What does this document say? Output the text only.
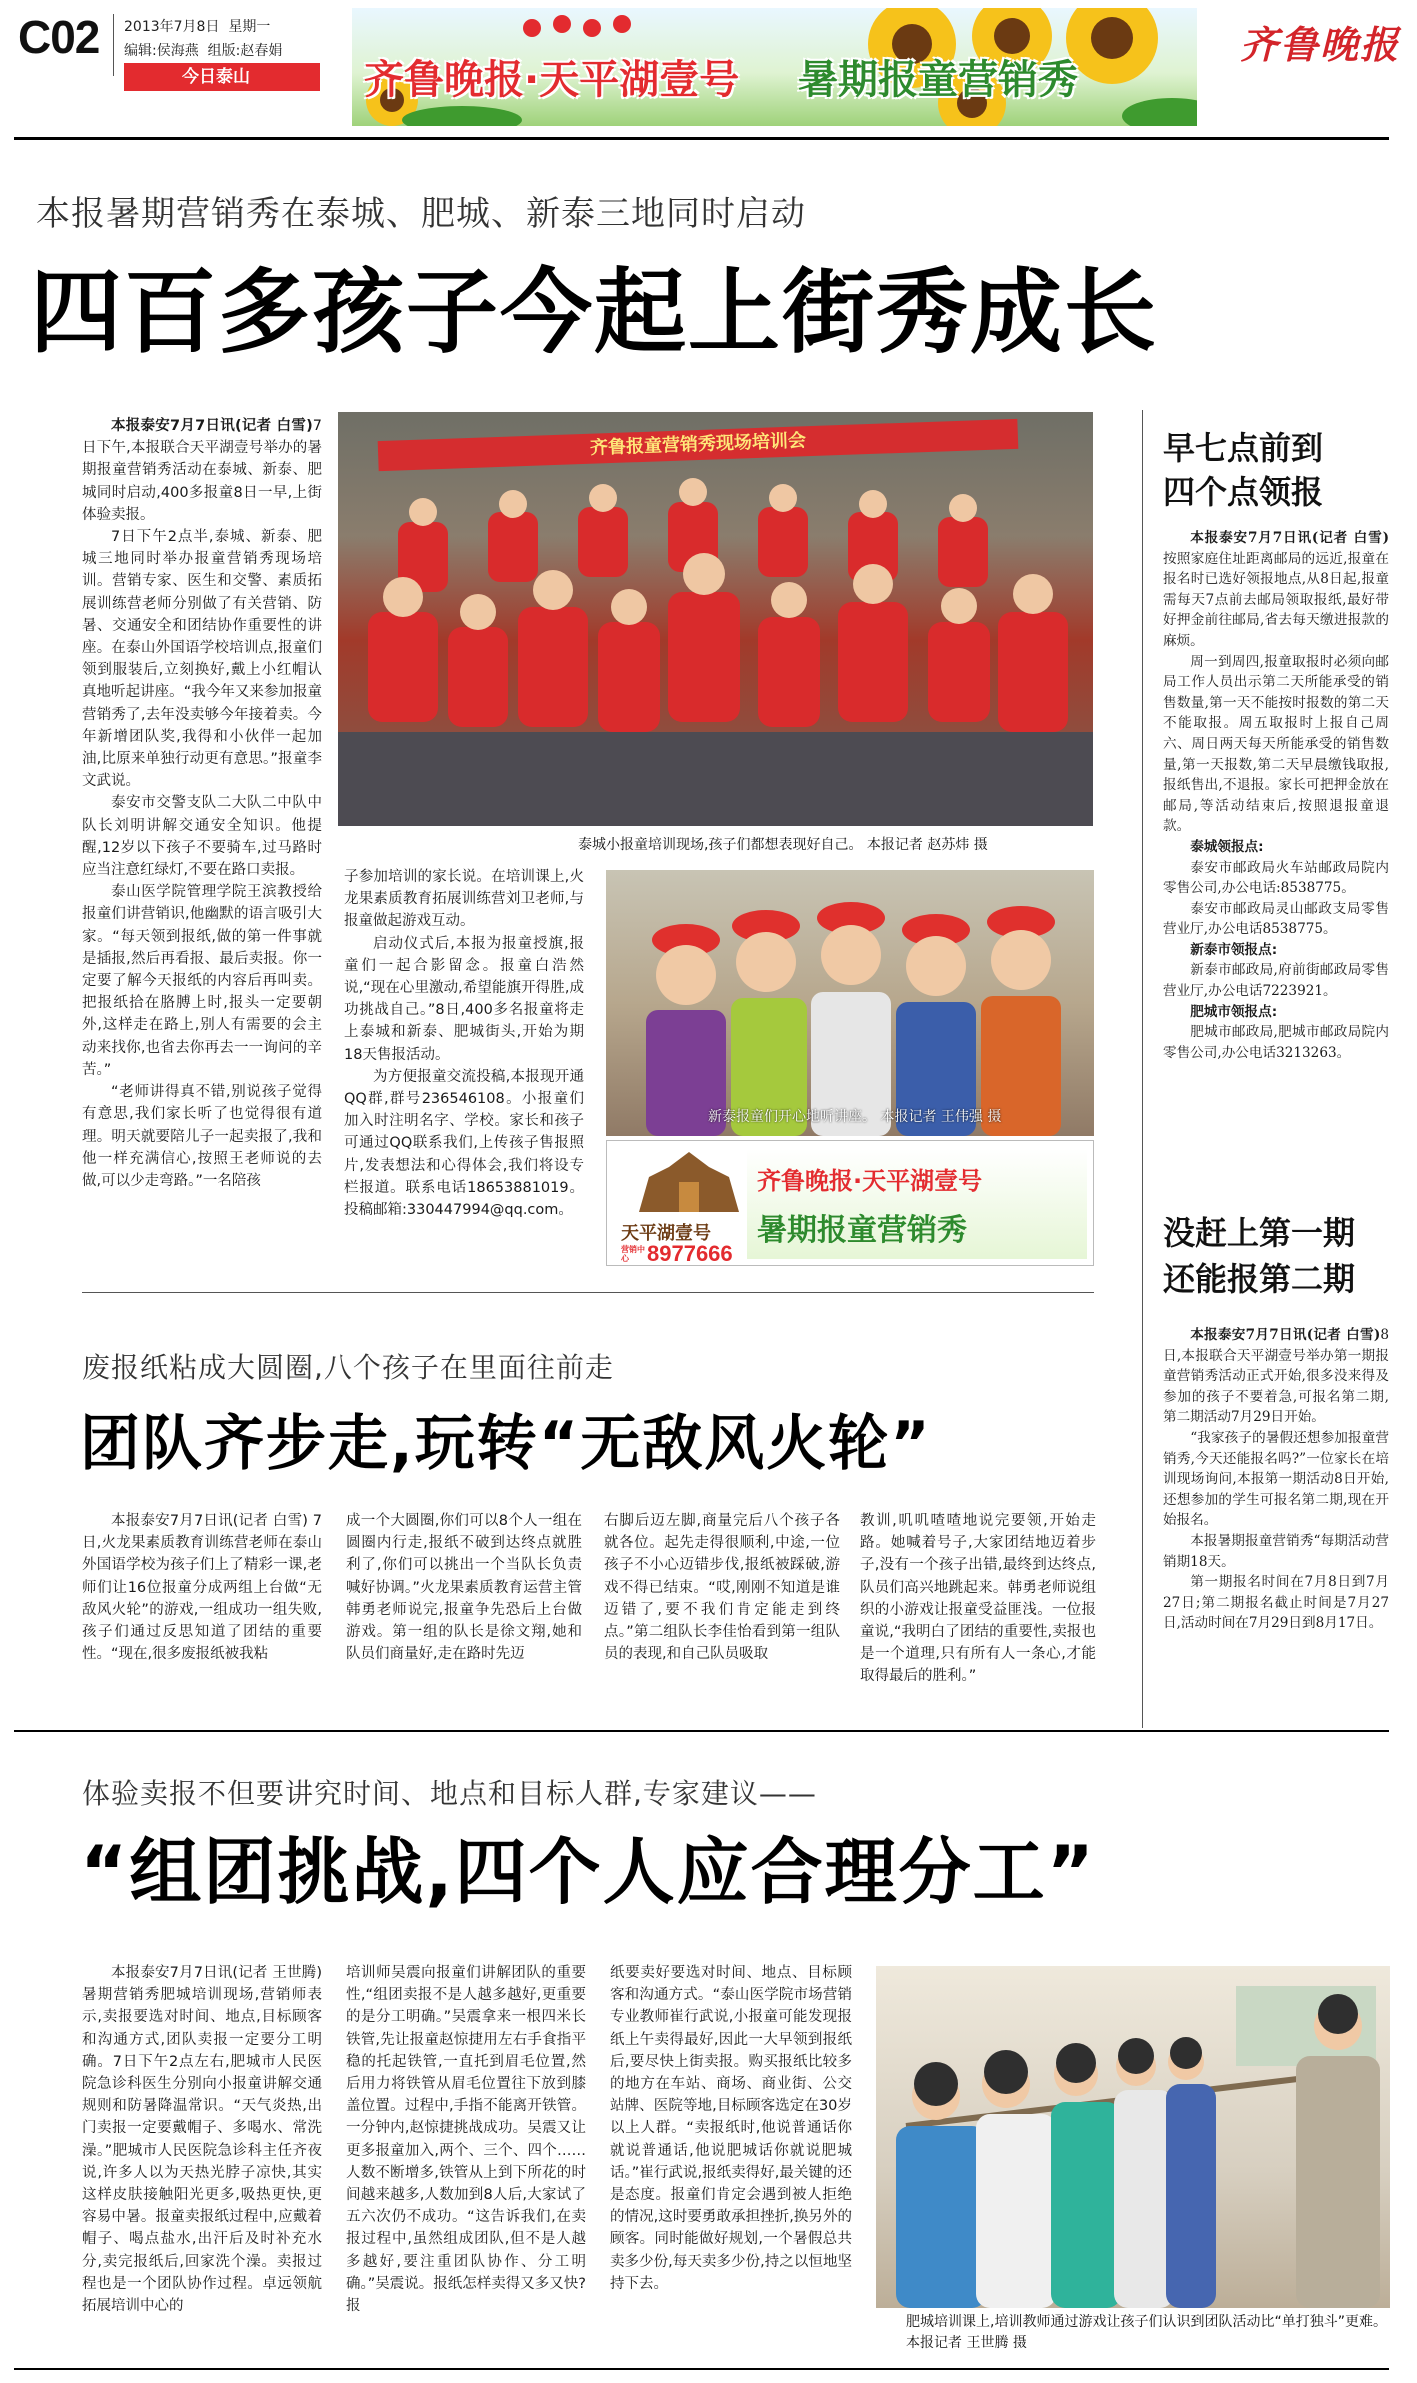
C02 2013年7月8日 星期一
编辑:侯海燕 组版:赵春娟
今日泰山	齐鲁晚报·天平湖壹号 暑期报童营销秀
齐鲁晚报
本报暑期营销秀在泰城、肥城、新泰三地同时启动
四百多孩子今起上街秀成长

本报泰安7月7日讯(记者 白雪)7日下午,本报联合天平湖壹号举办的暑期报童营销秀活动在泰城、新泰、肥城同时启动,400多报童8日一早,上街体验卖报。

7日下午2点半,泰城、新泰、肥城三地同时举办报童营销秀现场培训。营销专家、医生和交警、素质拓展训练营老师分别做了有关营销、防暑、交通安全和团结协作重要性的讲座。在泰山外国语学校培训点,报童们领到服装后,立刻换好,戴上小红帽认真地听起讲座。“我今年又来参加报童营销秀了,去年没卖够今年接着卖。今年新增团队奖,我得和小伙伴一起加油,比原来单独行动更有意思。”报童李文武说。

泰安市交警支队二大队二中队中队长刘明讲解交通安全知识。他提醒,12岁以下孩子不要骑车,过马路时应当注意红绿灯,不要在路口卖报。

泰山医学院管理学院王滨教授给报童们讲营销识,他幽默的语言吸引大家。“每天领到报纸,做的第一件事就是插报,然后再看报、最后卖报。你一定要了解今天报纸的内容后再叫卖。把报纸拾在胳膊上时,报头一定要朝外,这样走在路上,别人有需要的会主动来找你,也省去你再去一一询问的辛苦。”

“老师讲得真不错,别说孩子觉得有意思,我们家长听了也觉得很有道理。明天就要陪儿子一起卖报了,我和他一样充满信心,按照王老师说的去做,可以少走弯路。”一名陪孩

齐鲁报童营销秀现场培训会
泰城小报童培训现场,孩子们都想表现好自己。 本报记者 赵苏炜 摄

子参加培训的家长说。在培训课上,火龙果素质教育拓展训练营刘卫老师,与报童做起游戏互动。

启动仪式后,本报为报童授旗,报童们一起合影留念。报童白浩然说,“现在心里激动,希望能旗开得胜,成功挑战自己。”8日,400多名报童将走上泰城和新泰、肥城街头,开始为期18天售报活动。

为方便报童交流投稿,本报现开通QQ群,群号236546108。小报童们加入时注明名字、学校。家长和孩子可通过QQ联系我们,上传孩子售报照片,发表想法和心得体会,我们将设专栏报道。联系电话18653881019。投稿邮箱:330447994@qq.com。

新泰报童们开心地听讲座。 本报记者 王伟强 摄
天平湖壹号
营销中心 8977666
齐鲁晚报·天平湖壹号
暑期报童营销秀
早七点前到
四个点领报

本报泰安7月7日讯(记者 白雪)按照家庭住址距离邮局的远近,报童在报名时已选好领报地点,从8日起,报童需每天7点前去邮局领取报纸,最好带好押金前往邮局,省去每天缴进报款的麻烦。

周一到周四,报童取报时必须向邮局工作人员出示第二天所能承受的销售数量,第一天不能按时报数的第二天不能取报。周五取报时上报自己周六、周日两天每天所能承受的销售数量,第一天报数,第二天早晨缴钱取报,报纸售出,不退报。家长可把押金放在邮局,等活动结束后,按照退报童退款。

泰城领报点:

泰安市邮政局火车站邮政局院内零售公司,办公电话:8538775。

泰安市邮政局灵山邮政支局零售营业厅,办公电话8538775。

新泰市领报点:

新泰市邮政局,府前街邮政局零售营业厅,办公电话7223921。

肥城市领报点:

肥城市邮政局,肥城市邮政局院内零售公司,办公电话3213263。

没赶上第一期
还能报第二期

本报泰安7月7日讯(记者 白雪)8日,本报联合天平湖壹号举办第一期报童营销秀活动正式开始,很多没来得及参加的孩子不要着急,可报名第二期,第二期活动7月29日开始。

“我家孩子的暑假还想参加报童营销秀,今天还能报名吗?”一位家长在培训现场询问,本报第一期活动8日开始,还想参加的学生可报名第二期,现在开始报名。

本报暑期报童营销秀“每期活动营销期18天。

第一期报名时间在7月8日到7月27日;第二期报名截止时间是7月27日,活动时间在7月29日到8月17日。

废报纸粘成大圆圈,八个孩子在里面往前走
团队齐步走,玩转“无敌风火轮”

本报泰安7月7日讯(记者 白雪) 7日,火龙果素质教育训练营老师在泰山外国语学校为孩子们上了精彩一课,老师们让16位报童分成两组上台做“无敌风火轮”的游戏,一组成功一组失败,孩子们通过反思知道了团结的重要性。“现在,很多废报纸被我粘

成一个大圆圈,你们可以8个人一组在圆圈内行走,报纸不破到达终点就胜利了,你们可以挑出一个当队长负责喊好协调。”火龙果素质教育运营主管韩勇老师说完,报童争先恐后上台做游戏。第一组的队长是徐文翔,她和队员们商量好,走在路时先迈

右脚后迈左脚,商量完后八个孩子各就各位。起先走得很顺利,中途,一位孩子不小心迈错步伐,报纸被踩破,游戏不得已结束。“哎,刚刚不知道是谁迈错了,要不我们肯定能走到终点。”第二组队长李佳怡看到第一组队员的表现,和自己队员吸取

教训,叽叽喳喳地说完要领,开始走路。她喊着号子,大家团结地迈着步子,没有一个孩子出错,最终到达终点,队员们高兴地跳起来。韩勇老师说组织的小游戏让报童受益匪浅。一位报童说,“我明白了团结的重要性,卖报也是一个道理,只有所有人一条心,才能取得最后的胜利。”

体验卖报不但要讲究时间、地点和目标人群,专家建议——
“组团挑战,四个人应合理分工”

本报泰安7月7日讯(记者 王世腾) 暑期营销秀肥城培训现场,营销师表示,卖报要选对时间、地点,目标顾客和沟通方式,团队卖报一定要分工明确。7日下午2点左右,肥城市人民医院急诊科医生分别向小报童讲解交通规则和防暑降温常识。“天气炎热,出门卖报一定要戴帽子、多喝水、常洗澡。”肥城市人民医院急诊科主任齐夜说,许多人以为天热光脖子凉快,其实这样皮肤接触阳光更多,吸热更快,更容易中暑。报童卖报纸过程中,应戴着帽子、喝点盐水,出汗后及时补充水分,卖完报纸后,回家洗个澡。卖报过程也是一个团队协作过程。卓远领航拓展培训中心的

培训师吴震向报童们讲解团队的重要性,“组团卖报不是人越多越好,更重要的是分工明确。”吴震拿来一根四米长铁管,先让报童赵惊捷用左右手食指平稳的托起铁管,一直托到眉毛位置,然后用力将铁管从眉毛位置往下放到膝盖位置。过程中,手指不能离开铁管。一分钟内,赵惊捷挑战成功。吴震又让更多报童加入,两个、三个、四个……人数不断增多,铁管从上到下所花的时间越来越多,人数加到8人后,大家试了五六次仍不成功。“这告诉我们,在卖报过程中,虽然组成团队,但不是人越多越好,要注重团队协作、分工明确。”吴震说。报纸怎样卖得又多又快?报

纸要卖好要选对时间、地点、目标顾客和沟通方式。“泰山医学院市场营销专业教师崔行武说,小报童可能发现报纸上午卖得最好,因此一大早领到报纸后,要尽快上街卖报。购买报纸比较多的地方在车站、商场、商业街、公交站牌、医院等地,目标顾客选定在30岁以上人群。“卖报纸时,他说普通话你就说普通话,他说肥城话你就说肥城话。”崔行武说,报纸卖得好,最关键的还是态度。报童们肯定会遇到被人拒绝的情况,这时要勇敢承担挫折,换另外的顾客。同时能做好规划,一个暑假总共卖多少份,每天卖多少份,持之以恒地坚持下去。

肥城培训课上,培训教师通过游戏让孩子们认识到团队活动比“单打独斗”更难。 本报记者 王世腾 摄
